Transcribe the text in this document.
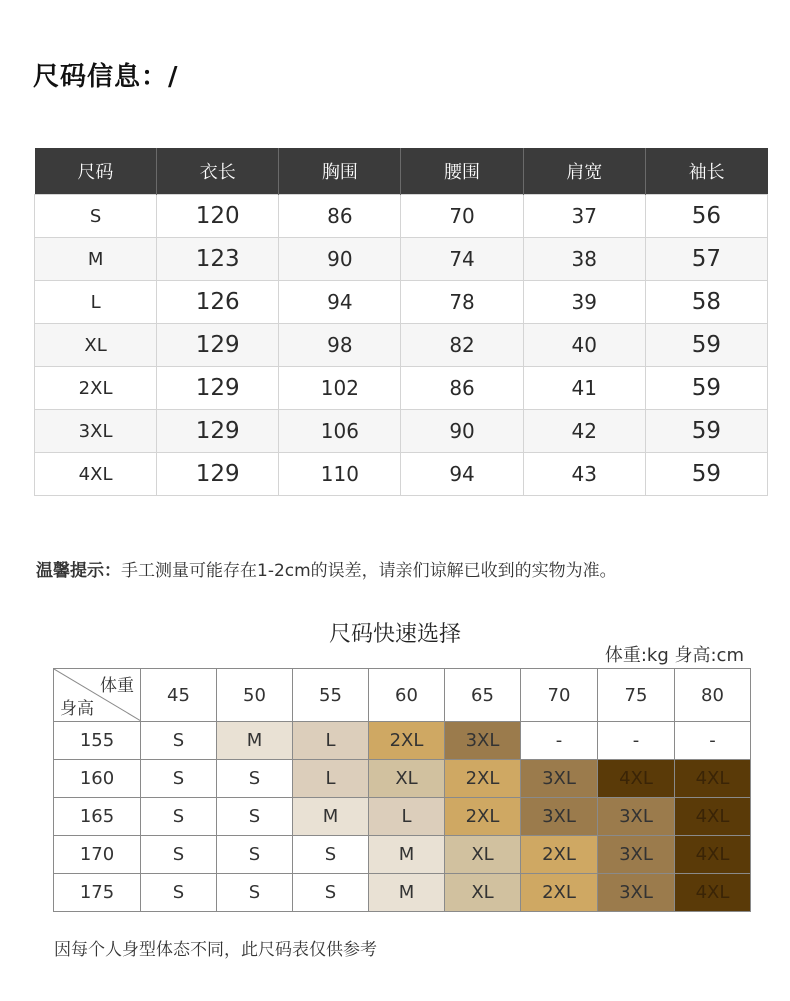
尺码信息：/
尺码	衣长	胸围	腰围	肩宽	袖长
S	120	86	70	37	56
M	123	90	74	38	57
L	126	94	78	39	58
XL	129	98	82	40	59
2XL	129	102	86	41	59
3XL	129	106	90	42	59
4XL	129	110	94	43	59
温馨提示：手工测量可能存在1-2cm的误差，请亲们谅解已收到的实物为准。
尺码快速选择
体重:kg 身高:cm
体重
身高	45	50	55	60	65	70	75	80
155	S	M	L	2XL	3XL	-	-	-
160	S	S	L	XL	2XL	3XL	4XL	4XL
165	S	S	M	L	2XL	3XL	3XL	4XL
170	S	S	S	M	XL	2XL	3XL	4XL
175	S	S	S	M	XL	2XL	3XL	4XL
因每个人身型体态不同，此尺码表仅供参考
